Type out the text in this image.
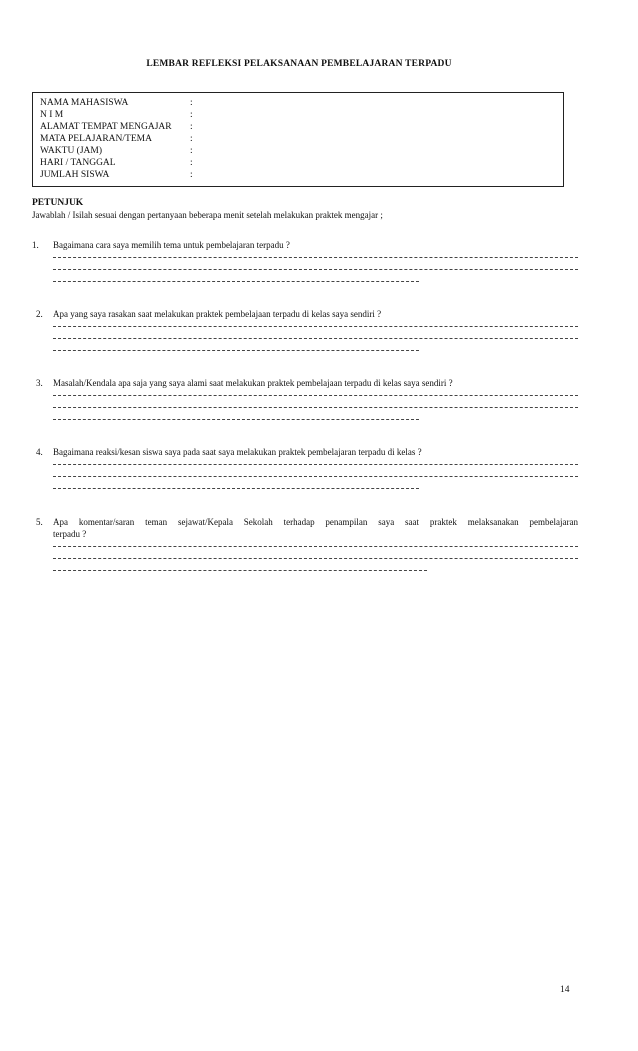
LEMBAR REFLEKSI PELAKSANAAN PEMBELAJARAN TERPADU
NAMA MAHASISWA	:
N I M	:
ALAMAT TEMPAT MENGAJAR	:
MATA PELAJARAN/TEMA	:
WAKTU (JAM)	:
HARI / TANGGAL	:
JUMLAH SISWA	:
PETUNJUK
Jawablah / Isilah sesuai dengan pertanyaan beberapa menit setelah melakukan praktek mengajar ;
1. Bagaimana cara saya memilih tema untuk pembelajaran terpadu ?
2. Apa yang saya rasakan saat melakukan praktek pembelajaan terpadu di kelas saya sendiri ?
3. Masalah/Kendala apa saja yang saya alami saat melakukan praktek pembelajaan terpadu di kelas saya sendiri ?
4. Bagaimana reaksi/kesan siswa saya pada saat saya melakukan praktek pembelajaran terpadu di kelas ?
5.	Apa komentar/saran teman sejawat/Kepala Sekolah terhadap penampilan saya saat praktek melaksanakan pembelajaran
terpadu ?
14
